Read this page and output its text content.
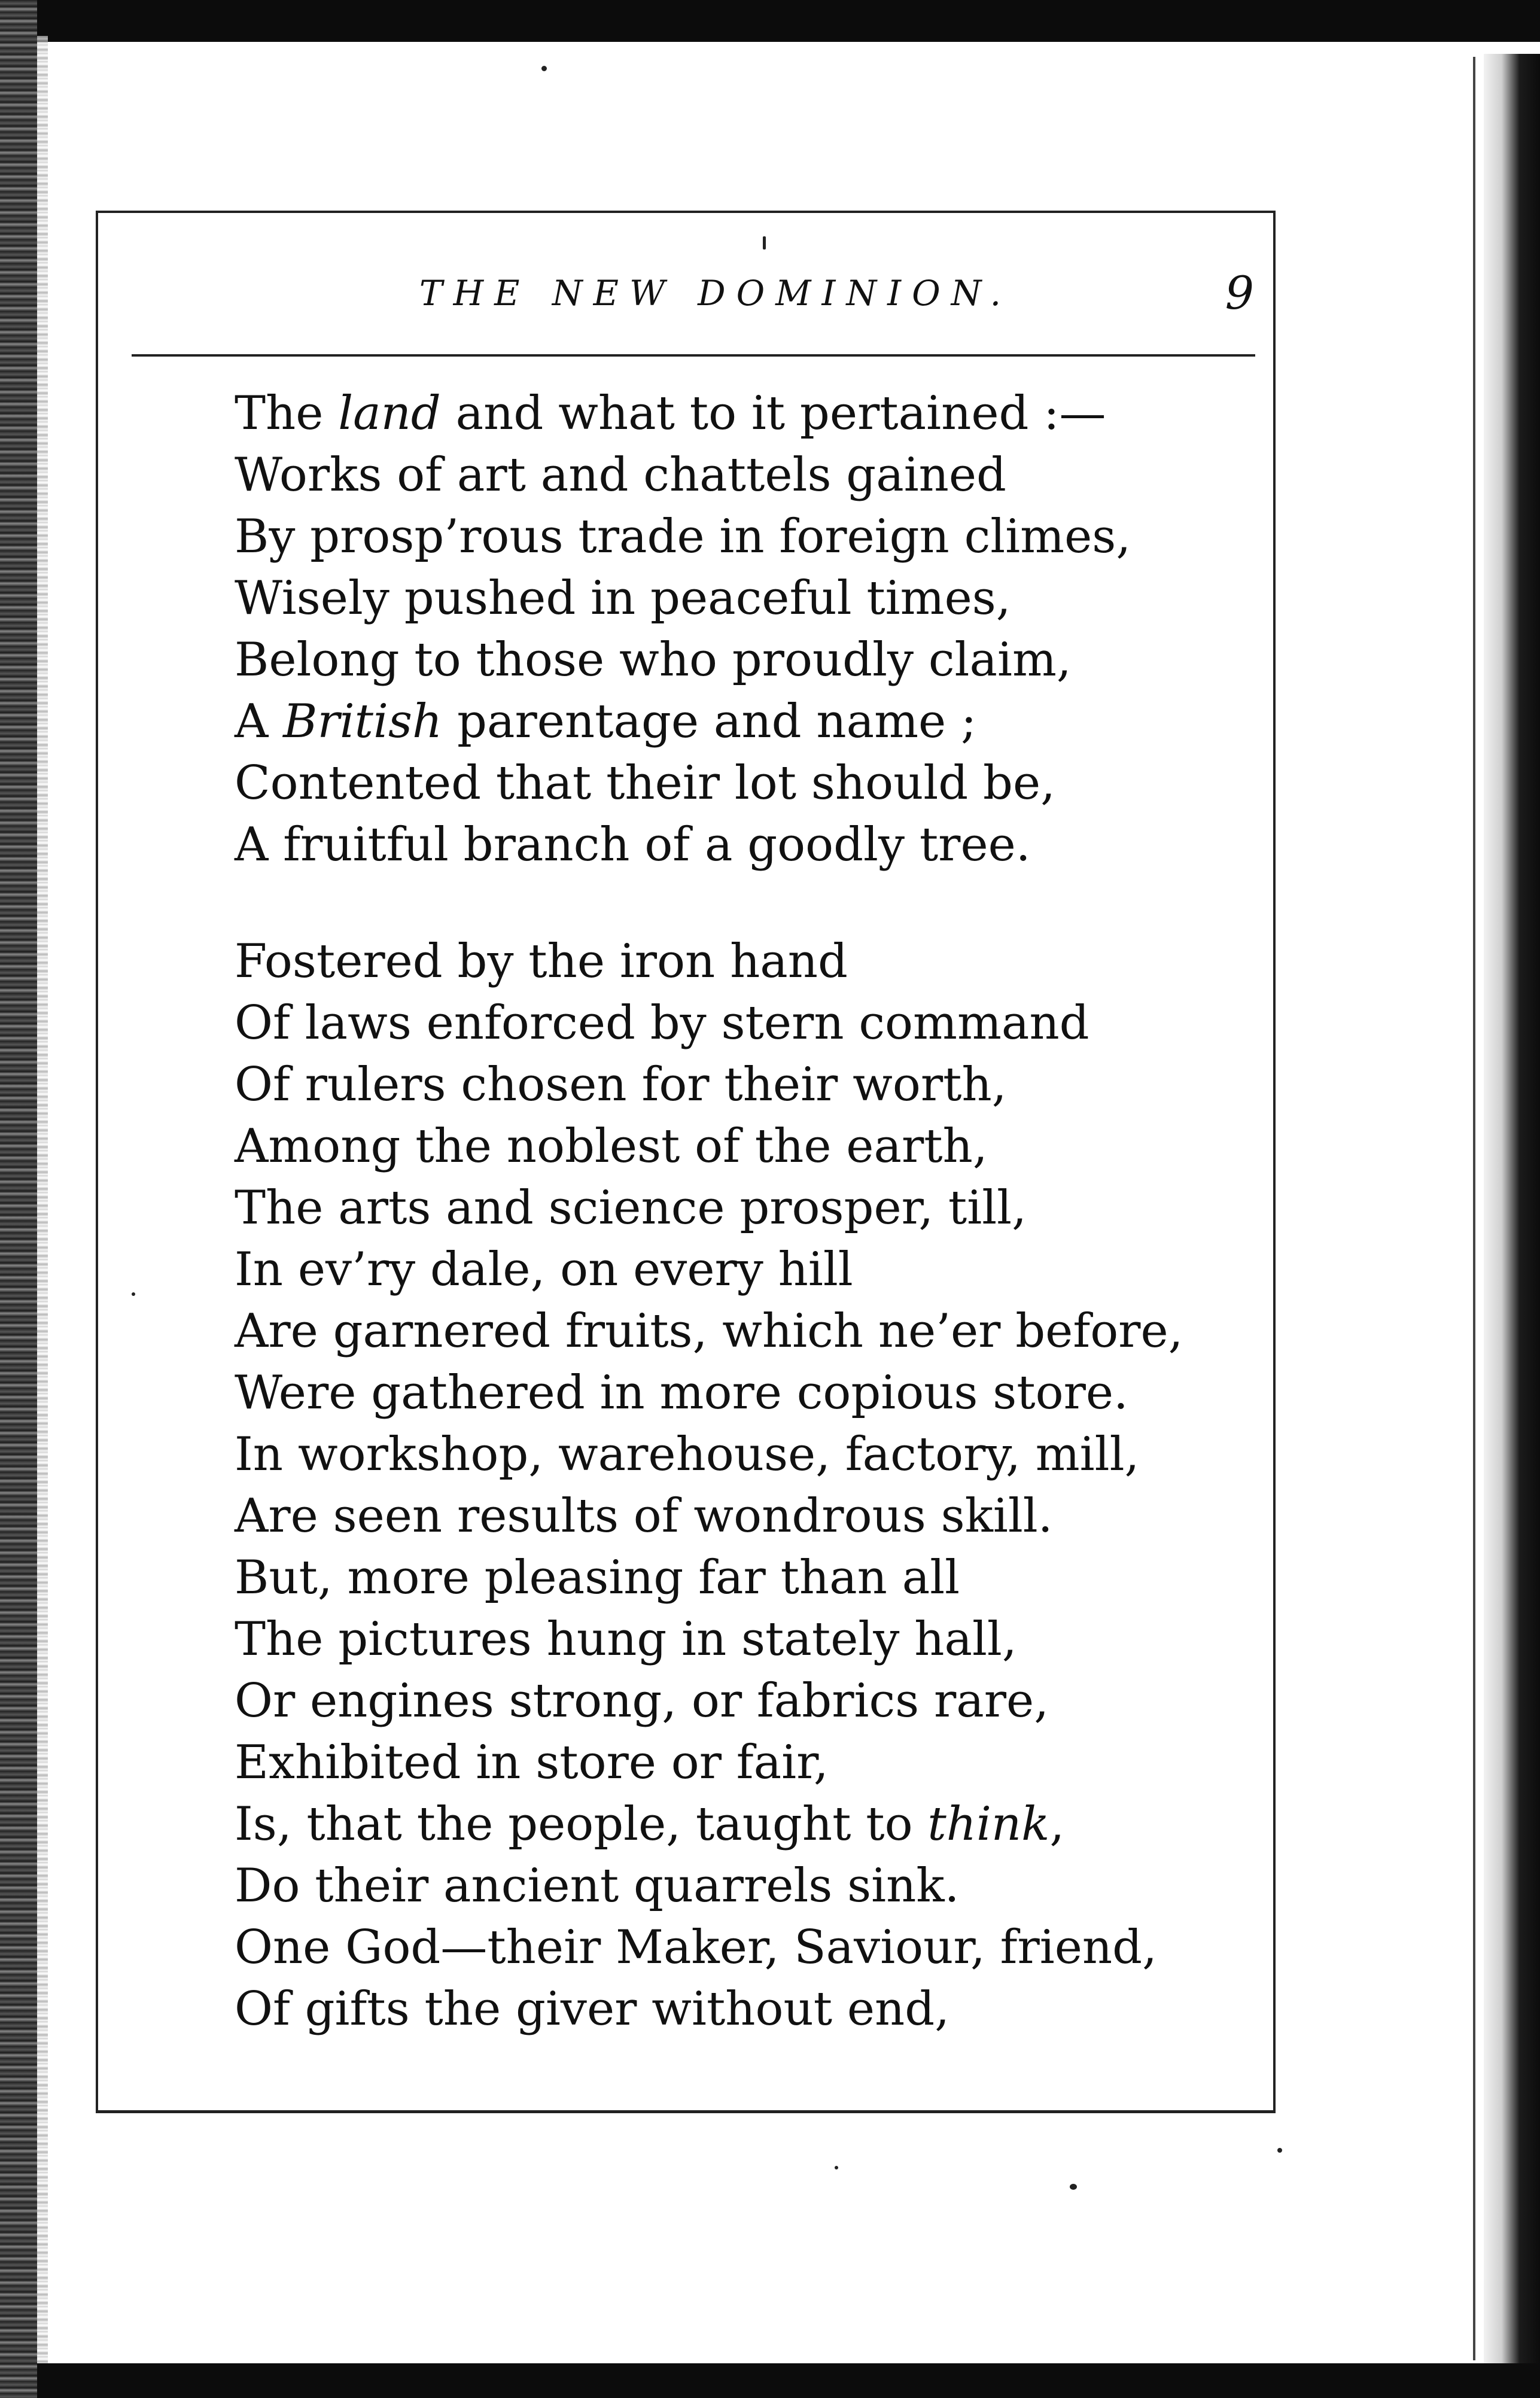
THE NEW DOMINION.	9
The land and what to it pertained :—
Works of art and chattels gained
By prosp’rous trade in foreign climes,
Wisely pushed in peaceful times,
Belong to those who proudly claim,
A British parentage and name ;
Contented that their lot should be,
A fruitful branch of a goodly tree.
Fostered by the iron hand
Of laws enforced by stern command
Of rulers chosen for their worth,
Among the noblest of the earth,
The arts and science prosper, till,
In ev’ry dale, on every hill
Are garnered fruits, which ne’er before,
Were gathered in more copious store.
In workshop, warehouse, factory, mill,
Are seen results of wondrous skill.
But, more pleasing far than all
The pictures hung in stately hall,
Or engines strong, or fabrics rare,
Exhibited in store or fair,
Is, that the people, taught to think,
Do their ancient quarrels sink.
One God—their Maker, Saviour, friend,
Of gifts the giver without end,
